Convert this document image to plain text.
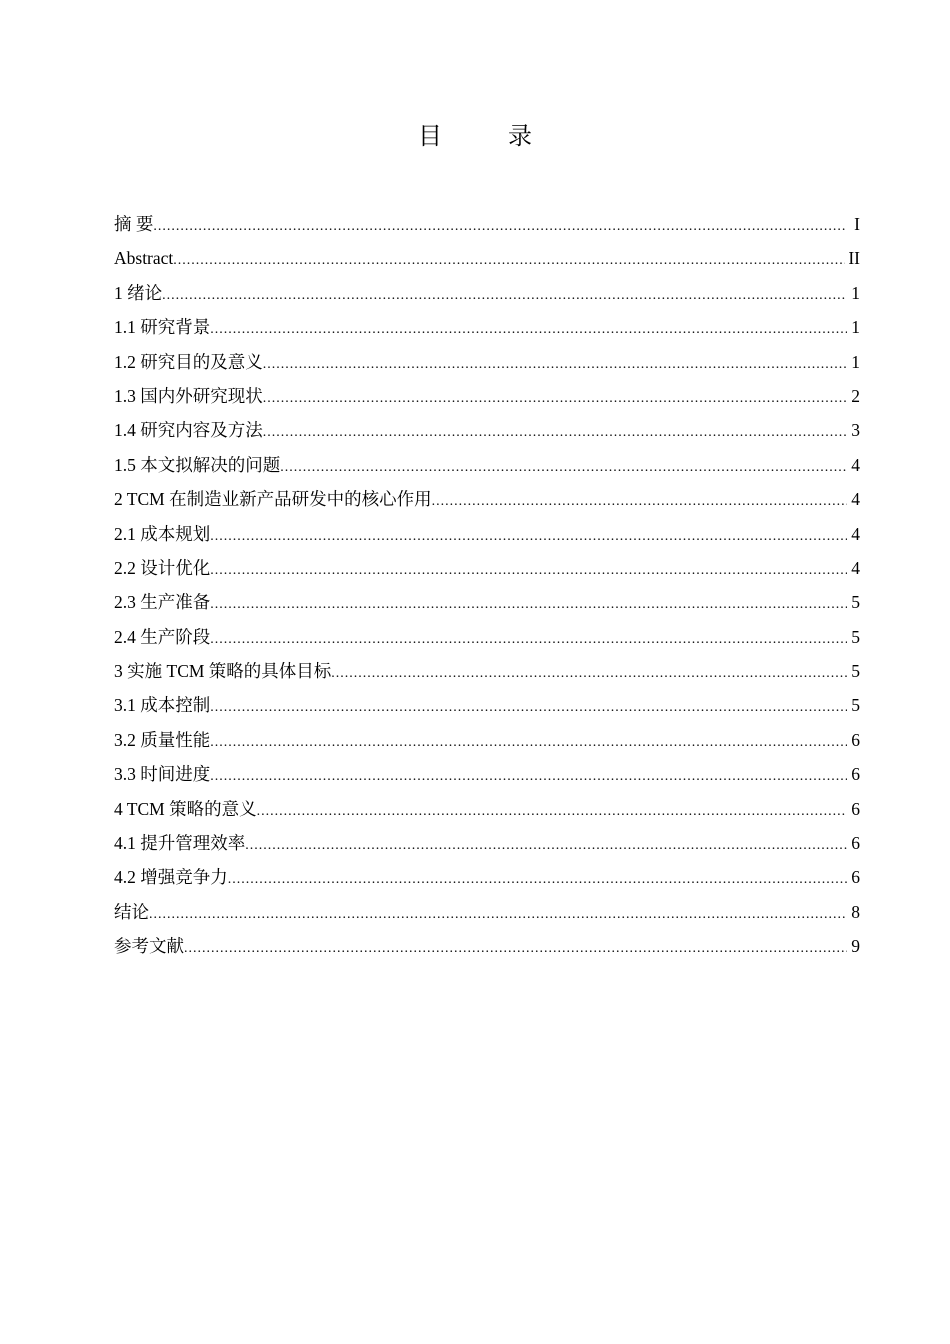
目 录
摘 要 .....	I
Abstract .....	II
1 绪论 .....	1
1.1 研究背景 .....	1
1.2 研究目的及意义 .....	1
1.3 国内外研究现状 .....	2
1.4 研究内容及方法 .....	3
1.5 本文拟解决的问题 .....	4
2 TCM 在制造业新产品研发中的核心作用 .....	4
2.1 成本规划 .....	4
2.2 设计优化 .....	4
2.3 生产准备 .....	5
2.4 生产阶段 .....	5
3 实施 TCM 策略的具体目标 .....	5
3.1 成本控制 .....	5
3.2 质量性能 .....	6
3.3 时间进度 .....	6
4 TCM 策略的意义 .....	6
4.1 提升管理效率 .....	6
4.2 增强竞争力 .....	6
结论 .....	8
参考文献 .....	9
